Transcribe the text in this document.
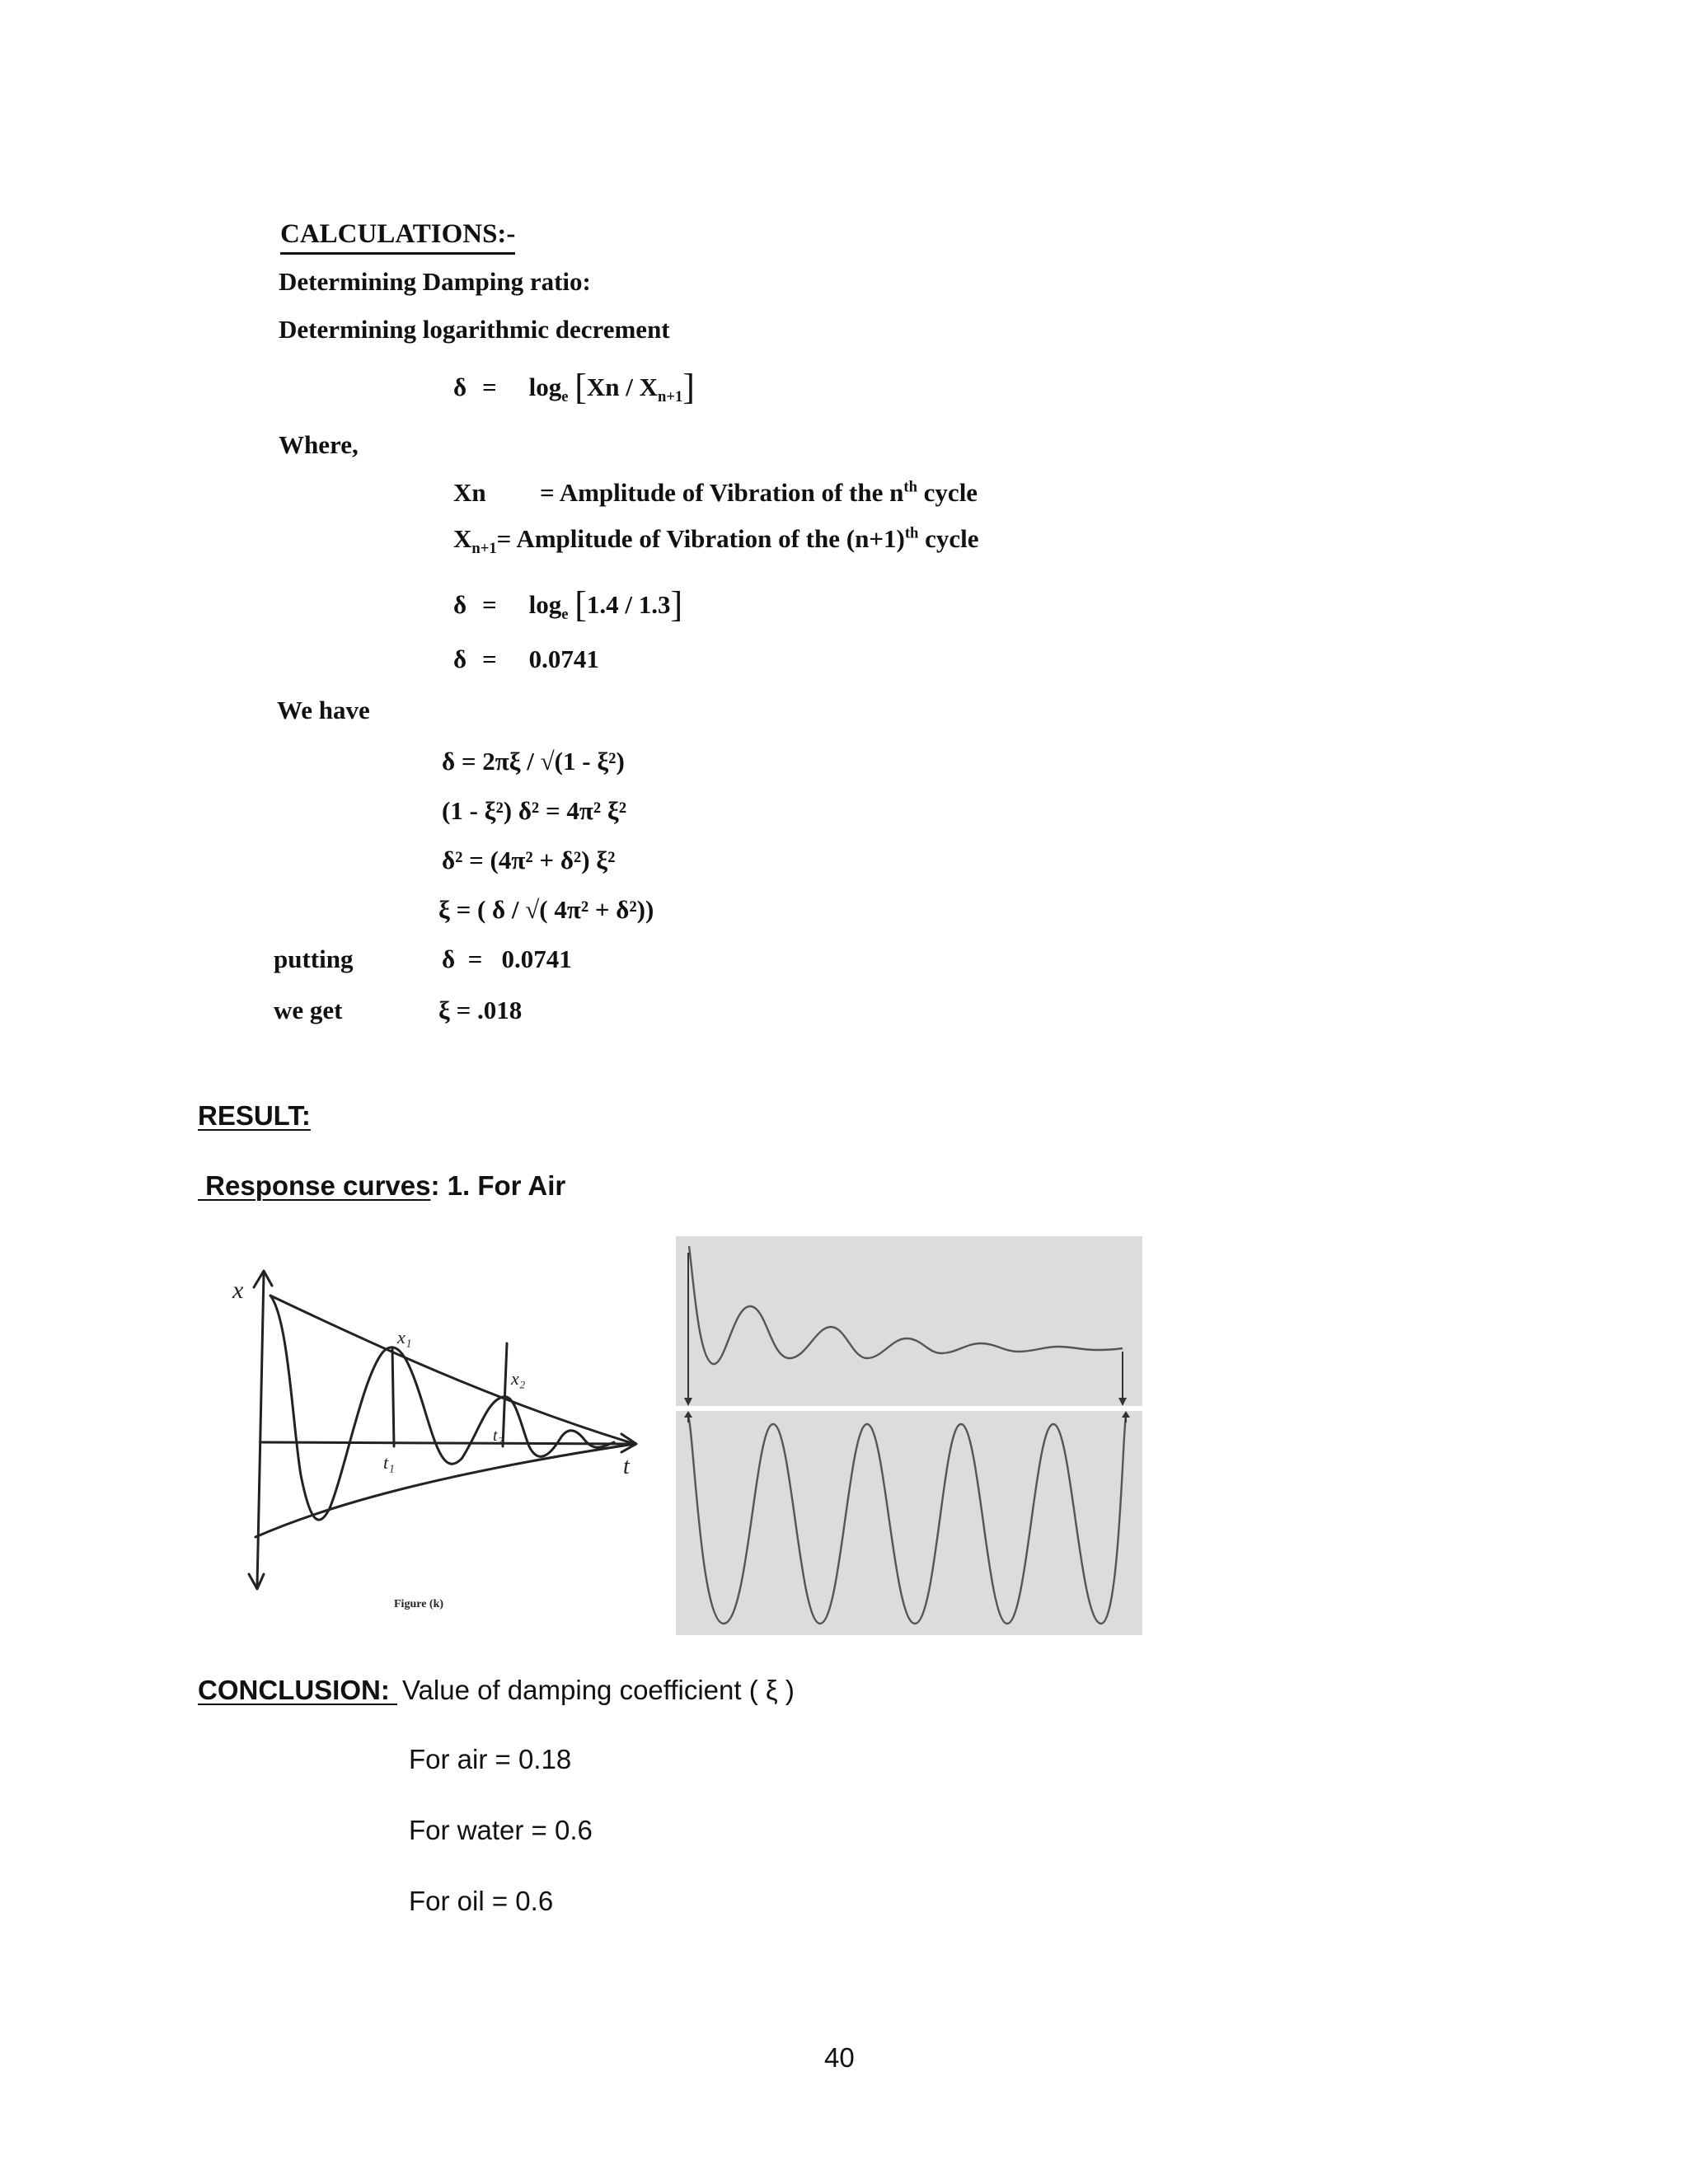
CALCULATIONS:-
Determining Damping ratio:
Determining logarithmic decrement
$\delta = \log_e [Xn / X_{n+1}]$
Where,
Xn = Amplitude of Vibration of the $n^{th}$ cycle
$X_{n+1}=$ Amplitude of Vibration of the $(n+1)^{th}$ cycle
$\delta = \log_e [1.4 / 1.3]$
δ = 0.0741
We have
δ = 2πξ / √(1 - ξ²)
(1 - ξ²) δ² = 4π² ξ²
δ² = (4π² + δ²) ξ²
ξ = ( δ / √( 4π² + δ²))
putting	δ  =   0.0741
we get	ξ = .018
RESULT:
Response curves: 1. For Air
x
x₁
x₂
t₁
t₂
t
Figure (k)
CONCLUSION: Value of damping coefficient ( ξ )
For air = 0.18
For water = 0.6
For oil = 0.6
40
